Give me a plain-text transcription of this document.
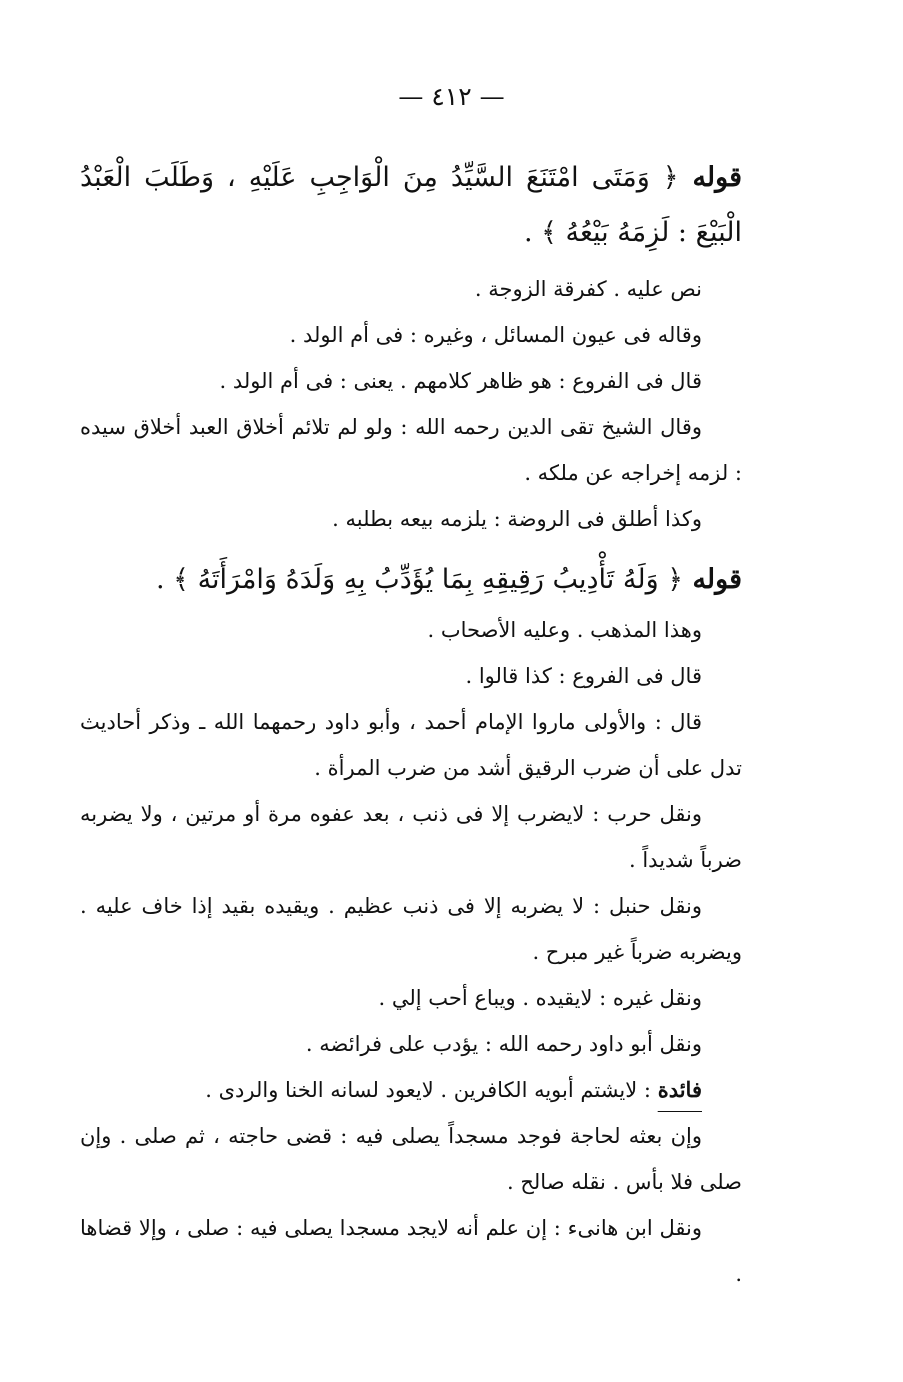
— ٤١٢ —

قوله ﴿ وَمَتَى امْتَنَعَ السَّيِّدُ مِنَ الْوَاجِبِ عَلَيْهِ ، وَطَلَبَ الْعَبْدُ الْبَيْعَ : لَزِمَهُ بَيْعُهُ ﴾ .

نص عليه . كفرقة الزوجة .

وقاله فى عيون المسائل ، وغيره : فى أم الولد .

قال فى الفروع : هو ظاهر كلامهم . يعنى : فى أم الولد .

وقال الشيخ تقى الدين رحمه الله : ولو لم تلائم أخلاق العبد أخلاق سيده : لزمه إخراجه عن ملكه .

وكذا أطلق فى الروضة : يلزمه بيعه بطلبه .

قوله ﴿ وَلَهُ تَأْدِيبُ رَقِيقِهِ بِمَا يُؤَدِّبُ بِهِ وَلَدَهُ وَامْرَأَتَهُ ﴾ .

وهذا المذهب . وعليه الأصحاب .

قال فى الفروع : كذا قالوا .

قال : والأولى ماروا الإمام أحمد ، وأبو داود رحمهما الله ـ وذكر أحاديث تدل على أن ضرب الرقيق أشد من ضرب المرأة .

ونقل حرب : لايضرب إلا فى ذنب ، بعد عفوه مرة أو مرتين ، ولا يضربه ضرباً شديداً .

ونقل حنبل : لا يضربه إلا فى ذنب عظيم . ويقيده بقيد إذا خاف عليه . ويضربه ضرباً غير مبرح .

ونقل غيره : لايقيده . ويباع أحب إلي .

ونقل أبو داود رحمه الله : يؤدب على فرائضه .

فائدة : لايشتم أبويه الكافرين . لايعود لسانه الخنا والردى .

وإن بعثه لحاجة فوجد مسجداً يصلى فيه : قضى حاجته ، ثم صلى . وإن صلى فلا بأس . نقله صالح .

ونقل ابن هانىء : إن علم أنه لايجد مسجدا يصلى فيه : صلى ، وإلا قضاها .
